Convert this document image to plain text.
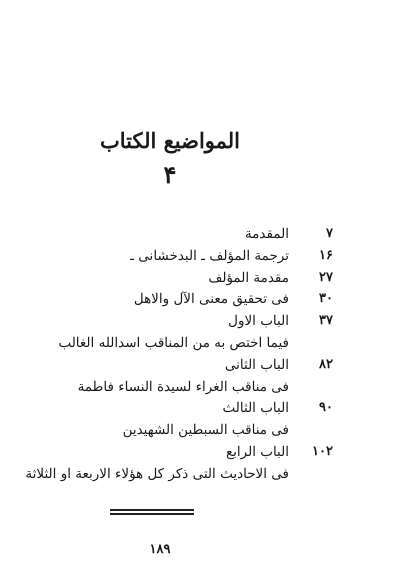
المواضيع الكتاب
۴
۷
المقدمة
۱۶
ترجمة المؤلف ـ البدخشانى ـ
۲۷
مقدمة المؤلف
۳۰
فى تحقيق معنى الآل والاهل
۳۷
الباب الاول
فيما اختص به من المناقب اسدالله الغالب
۸۲
الباب الثانى
فى مناقب الغراء لسيدة النساء فاطمة
۹۰
الباب الثالث
فى مناقب السبطين الشهيدين
۱۰۲
الباب الرابع
فى الاحاديث التى ذكر كل هؤلاء الاربعة او الثلاثة
۱۸۹
